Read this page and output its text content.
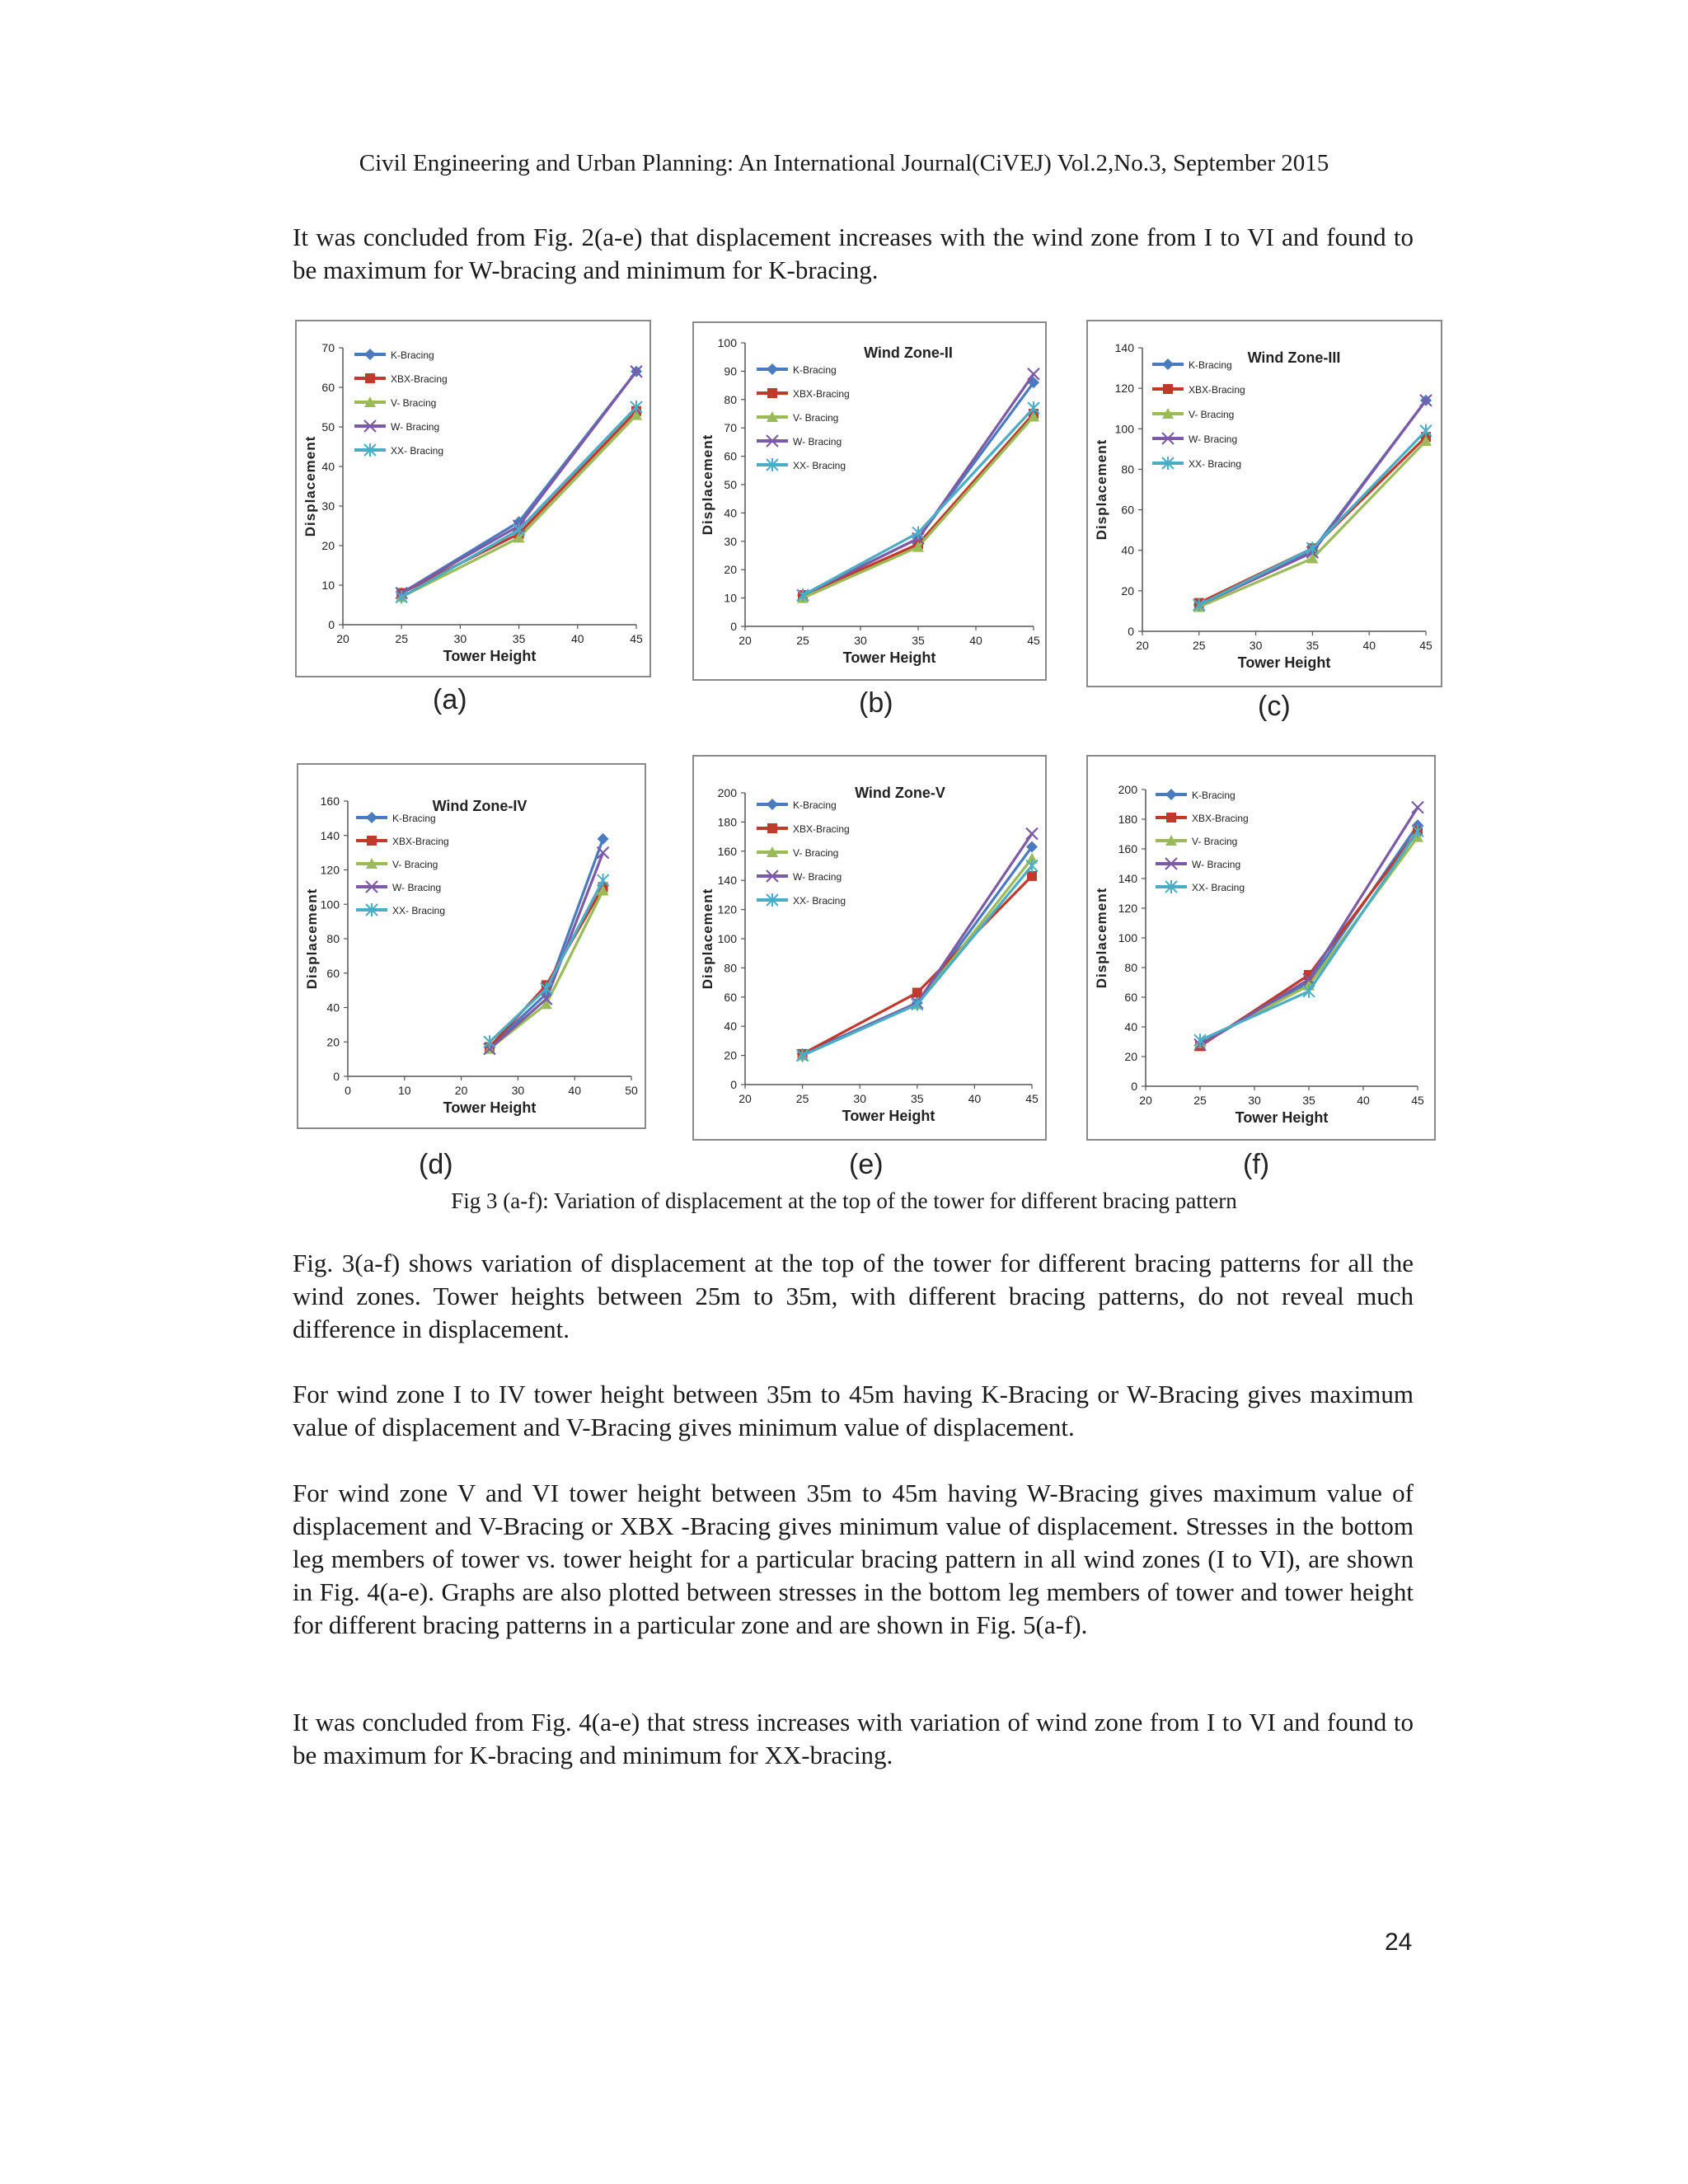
Civil Engineering and Urban Planning: An International Journal(CiVEJ) Vol.2,No.3, September 2015
It was concluded from Fig. 2(a-e) that displacement increases with the wind zone from I to VI and found to be maximum for W-bracing and minimum for K-bracing.
0
10
20
30
40
50
60
70
20	25	30	35	40	45
Tower Height
Displacement
K-Bracing
XBX-Bracing
V- Bracing
W- Bracing
XX- Bracing
0
10
20
30
40
50
60
70
80
90
100
20	25	30	35	40	45
Tower Height
Displacement
Wind Zone-II
K-Bracing
XBX-Bracing
V- Bracing
W- Bracing
XX- Bracing
0
20
40
60
80
100
120
140
20	25	30	35	40	45
Tower Height
Displacement
Wind Zone-III
K-Bracing
XBX-Bracing
V- Bracing
W- Bracing
XX- Bracing
0
20
40
60
80
100
120
140
160
0	10	20	30	40	50
Tower Height
Displacement
Wind Zone-IV
K-Bracing
XBX-Bracing
V- Bracing
W- Bracing
XX- Bracing
0
20
40
60
80
100
120
140
160
180
200
20	25	30	35	40	45
Tower Height
Displacement
Wind Zone-V
K-Bracing
XBX-Bracing
V- Bracing
W- Bracing
XX- Bracing
0
20
40
60
80
100
120
140
160
180
200
20	25	30	35	40	45
Tower Height
Displacement
K-Bracing
XBX-Bracing
V- Bracing
W- Bracing
XX- Bracing
(a)	(b)	(c)
(d)	(e)	(f)
Fig 3 (a-f): Variation of displacement at the top of the tower for different bracing pattern
Fig. 3(a-f) shows variation of displacement at the top of the tower for different bracing patterns for all the wind zones. Tower heights between 25m to 35m, with different bracing patterns, do not reveal much difference in displacement.
For wind zone I to IV tower height between 35m to 45m having K-Bracing or W-Bracing gives maximum value of displacement and V-Bracing gives minimum value of displacement.
For wind zone V and VI tower height between 35m to 45m having W-Bracing gives maximum value of displacement and V-Bracing or XBX -Bracing gives minimum value of displacement. Stresses in the bottom leg members of tower vs. tower height for a particular bracing pattern in all wind zones (I to VI), are shown in Fig. 4(a-e). Graphs are also plotted between stresses in the bottom leg members of tower and tower height for different bracing patterns in a particular zone and are shown in Fig. 5(a-f).
It was concluded from Fig. 4(a-e) that stress increases with variation of wind zone from I to VI and found to be maximum for K-bracing and minimum for XX-bracing.
24
